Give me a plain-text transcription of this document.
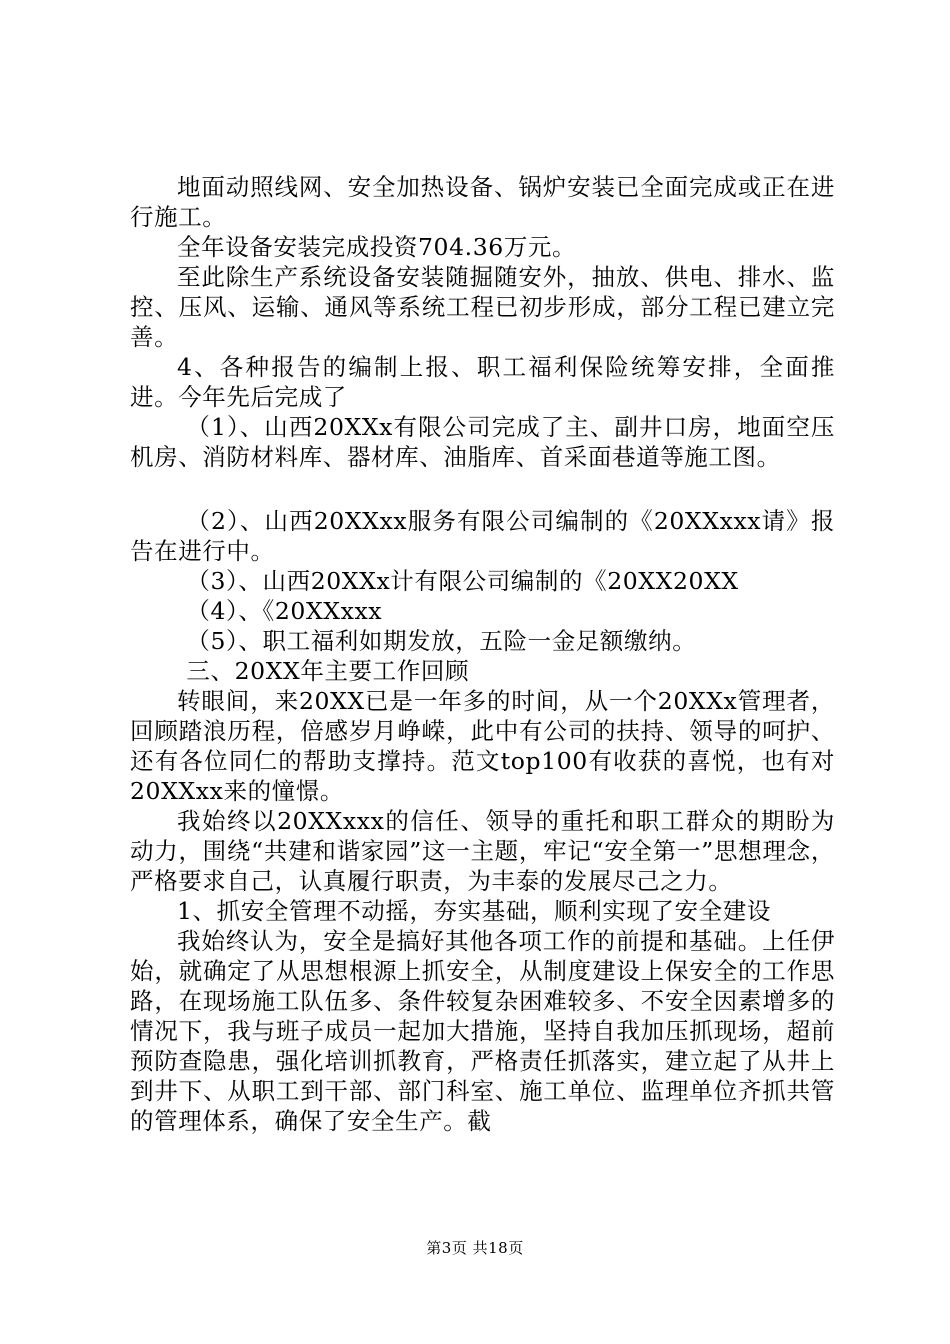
地面动照线网、安全加热设备、锅炉安装已全面完成或正在进行施工。

全年设备安装完成投资704.36万元。

至此除生产系统设备安装随掘随安外，抽放、供电、排水、监控、压风、运输、通风等系统工程已初步形成，部分工程已建立完善。

4、各种报告的编制上报、职工福利保险统筹安排，全面推进。今年先后完成了

（1）、山西20XXx有限公司完成了主、副井口房，地面空压机房、消防材料库、器材库、油脂库、首采面巷道等施工图。

（2）、山西20XXxx服务有限公司编制的《20XXxxx请》报告在进行中。

（3）、山西20XXx计有限公司编制的《20XX20XX

（4）、《20XXxxx

（5）、职工福利如期发放，五险一金足额缴纳。

三、20XX年主要工作回顾

转眼间，来20XX已是一年多的时间，从一个20XXx管理者，回顾踏浪历程，倍感岁月峥嵘，此中有公司的扶持、领导的呵护、还有各位同仁的帮助支撑持。范文top100有收获的喜悦，也有对20XXxx来的憧憬。

我始终以20XXxxx的信任、领导的重托和职工群众的期盼为动力，围绕“共建和谐家园”这一主题，牢记“安全第一”思想理念，严格要求自己，认真履行职责，为丰泰的发展尽己之力。

1、抓安全管理不动摇，夯实基础，顺利实现了安全建设

我始终认为，安全是搞好其他各项工作的前提和基础。上任伊始，就确定了从思想根源上抓安全，从制度建设上保安全的工作思路，在现场施工队伍多、条件较复杂困难较多、不安全因素增多的情况下，我与班子成员一起加大措施，坚持自我加压抓现场，超前预防查隐患，强化培训抓教育，严格责任抓落实，建立起了从井上到井下、从职工到干部、部门科室、施工单位、监理单位齐抓共管的管理体系，确保了安全生产。截

第3页 共18页
